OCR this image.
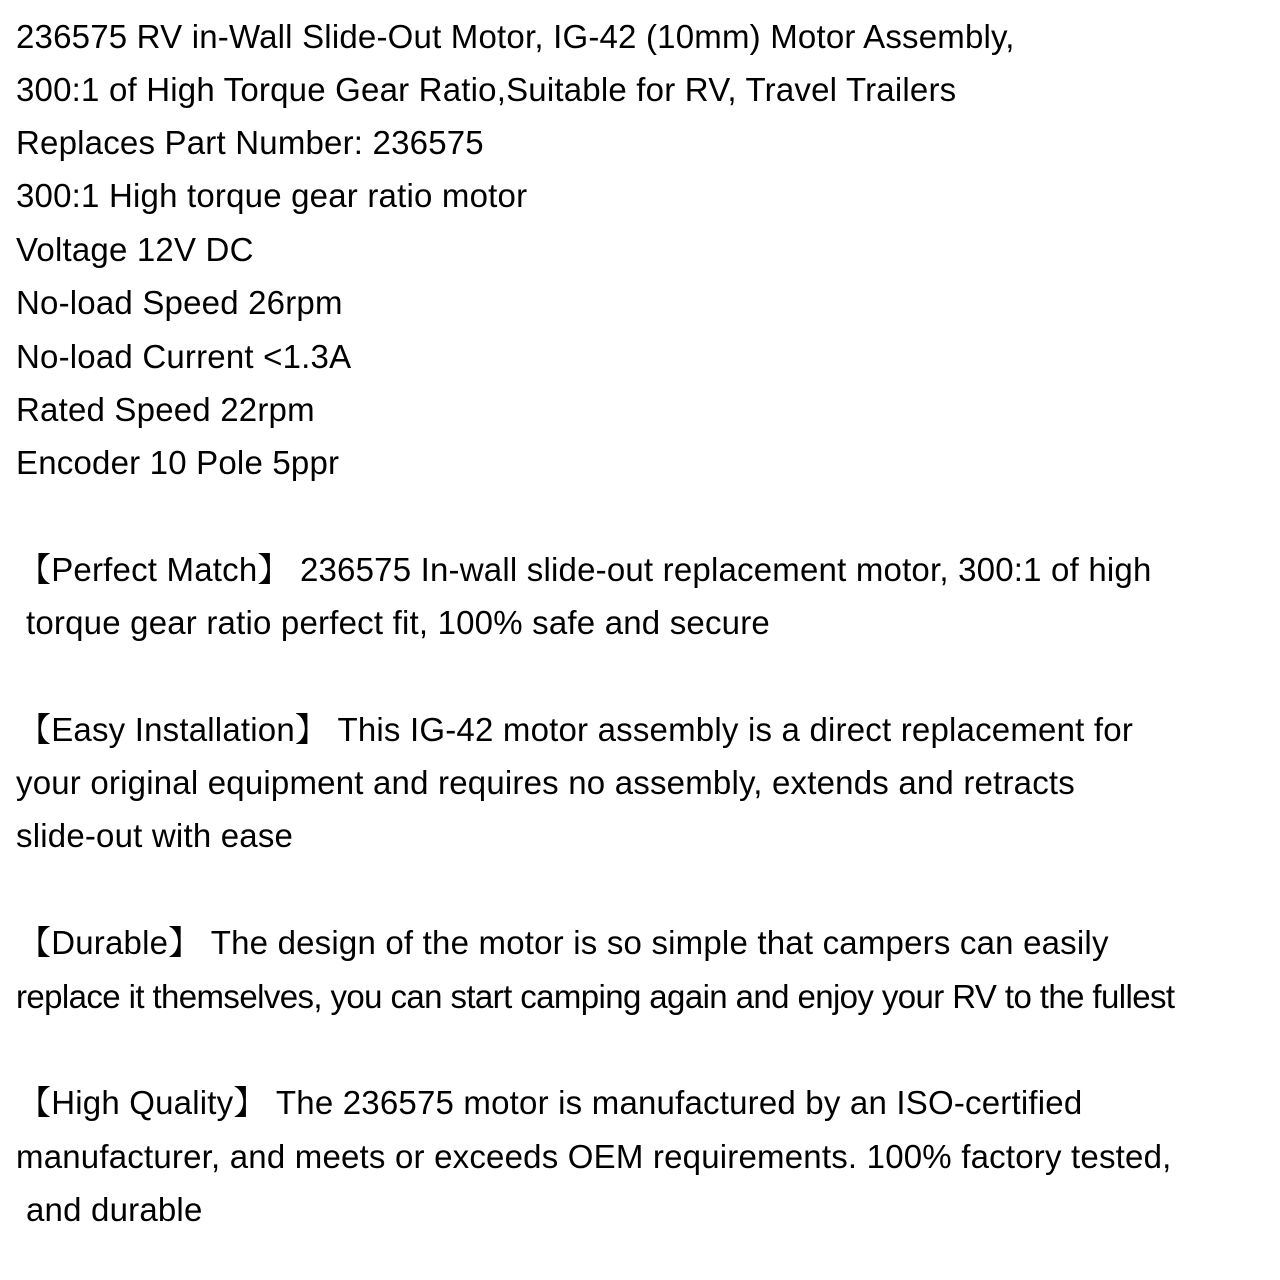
236575 RV in-Wall Slide-Out Motor, IG-42 (10mm) Motor Assembly,
300:1 of High Torque Gear Ratio,Suitable for RV, Travel Trailers
Replaces Part Number: 236575
300:1 High torque gear ratio motor
Voltage 12V DC
No-load Speed 26rpm
No-load Current <1.3A
Rated Speed 22rpm
Encoder 10 Pole 5ppr
【Perfect Match】 236575 In-wall slide-out replacement motor, 300:1 of high
torque gear ratio perfect fit, 100% safe and secure
【Easy Installation】 This IG-42 motor assembly is a direct replacement for
your original equipment and requires no assembly, extends and retracts
slide-out with ease
【Durable】 The design of the motor is so simple that campers can easily
replace it themselves, you can start camping again and enjoy your RV to the fullest
【High Quality】 The 236575 motor is manufactured by an ISO-certified
manufacturer, and meets or exceeds OEM requirements. 100% factory tested,
and durable
